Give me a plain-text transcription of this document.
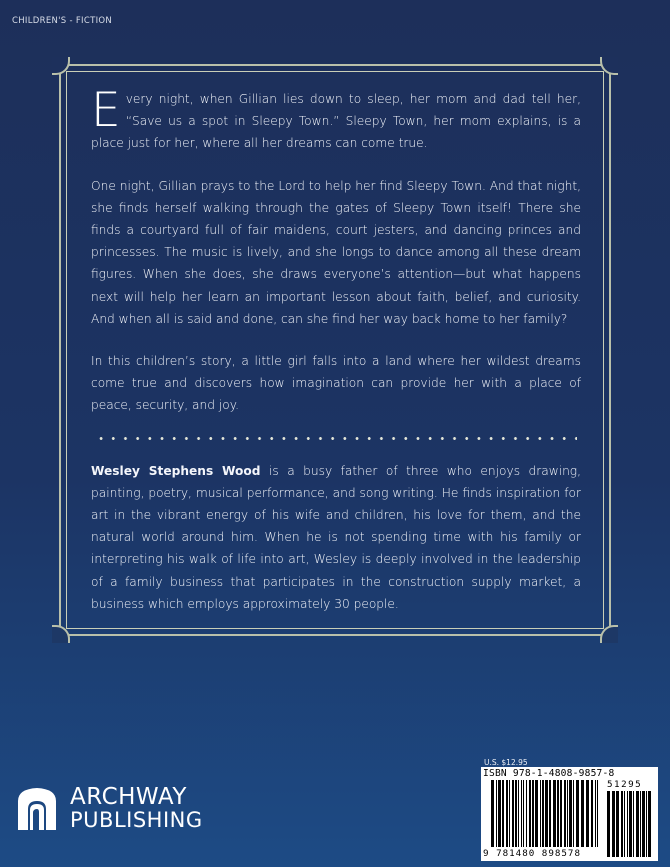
CHILDREN'S - FICTION

Every night, when Gillian lies down to sleep, her mom and dad tell her, “Save us a spot in Sleepy Town.” Sleepy Town, her mom explains, is a place just for her, where all her dreams can come true.

One night, Gillian prays to the Lord to help her find Sleepy Town. And that night, she finds herself walking through the gates of Sleepy Town itself! There she finds a courtyard full of fair maidens, court jesters, and dancing princes and princesses. The music is lively, and she longs to dance among all these dream figures. When she does, she draws everyone’s attention—but what happens next will help her learn an important lesson about faith, belief, and curiosity. And when all is said and done, can she find her way back home to her family?

In this children’s story, a little girl falls into a land where her wildest dreams come true and discovers how imagination can provide her with a place of peace, security, and joy.

Wesley Stephens Wood is a busy father of three who enjoys drawing, painting, poetry, musical performance, and song writing. He finds inspiration for art in the vibrant energy of his wife and children, his love for them, and the natural world around him. When he is not spending time with his family or interpreting his walk of life into art, Wesley is deeply involved in the leadership of a family business that participates in the construction supply market, a business which employs approximately 30 people.

ARCHWAY
PUBLISHING
U.S. $12.95
ISBN 978-1-4808-9857-8
9 781480 898578
51295
